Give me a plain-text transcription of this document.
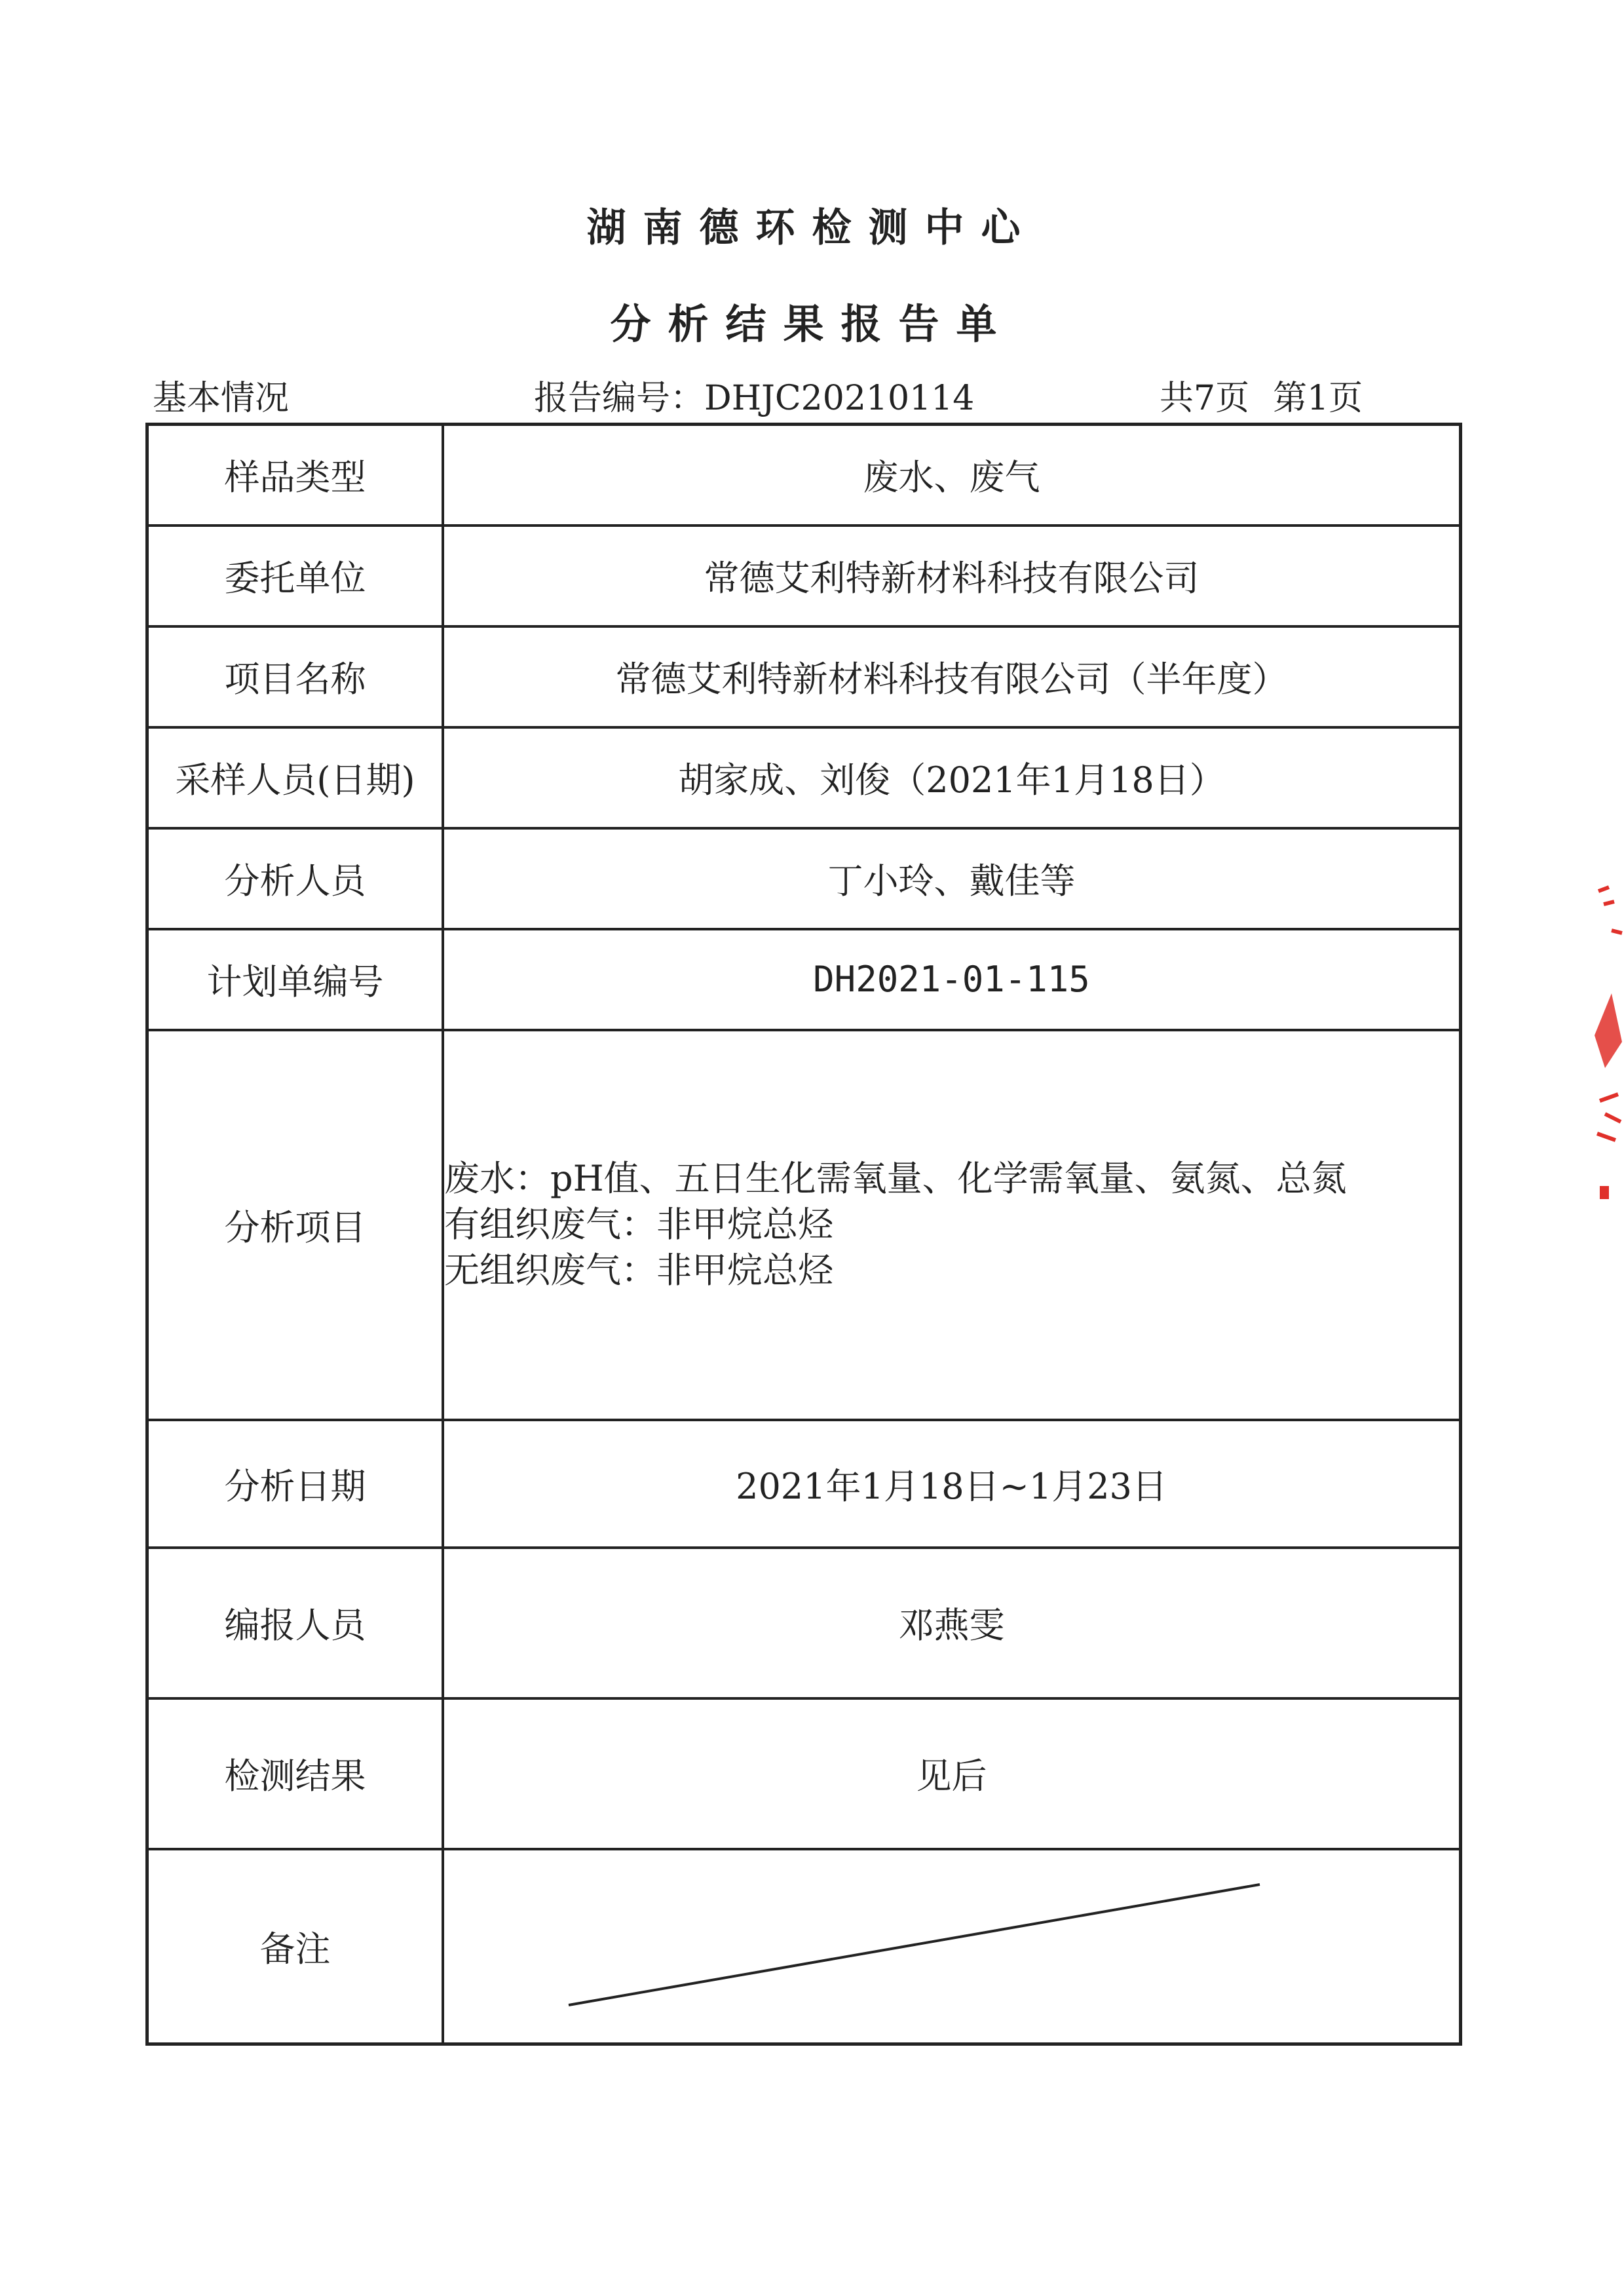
湖南德环检测中心
分析结果报告单
基本情况	报告编号：DHJC20210114	共7页 第1页
样品类型	废水、废气
委托单位	常德艾利特新材料科技有限公司
项目名称	常德艾利特新材料科技有限公司（半年度）
采样人员(日期)	胡家成、刘俊（2021年1月18日）
分析人员	丁小玲、戴佳等
计划单编号	DH2021-01-115
分析项目	废水：pH值、五日生化需氧量、化学需氧量、氨氮、总氮
有组织废气：非甲烷总烃
无组织废气：非甲烷总烃

分析日期	2021年1月18日~1月23日
编报人员	邓燕雯
检测结果	见后
备注	
